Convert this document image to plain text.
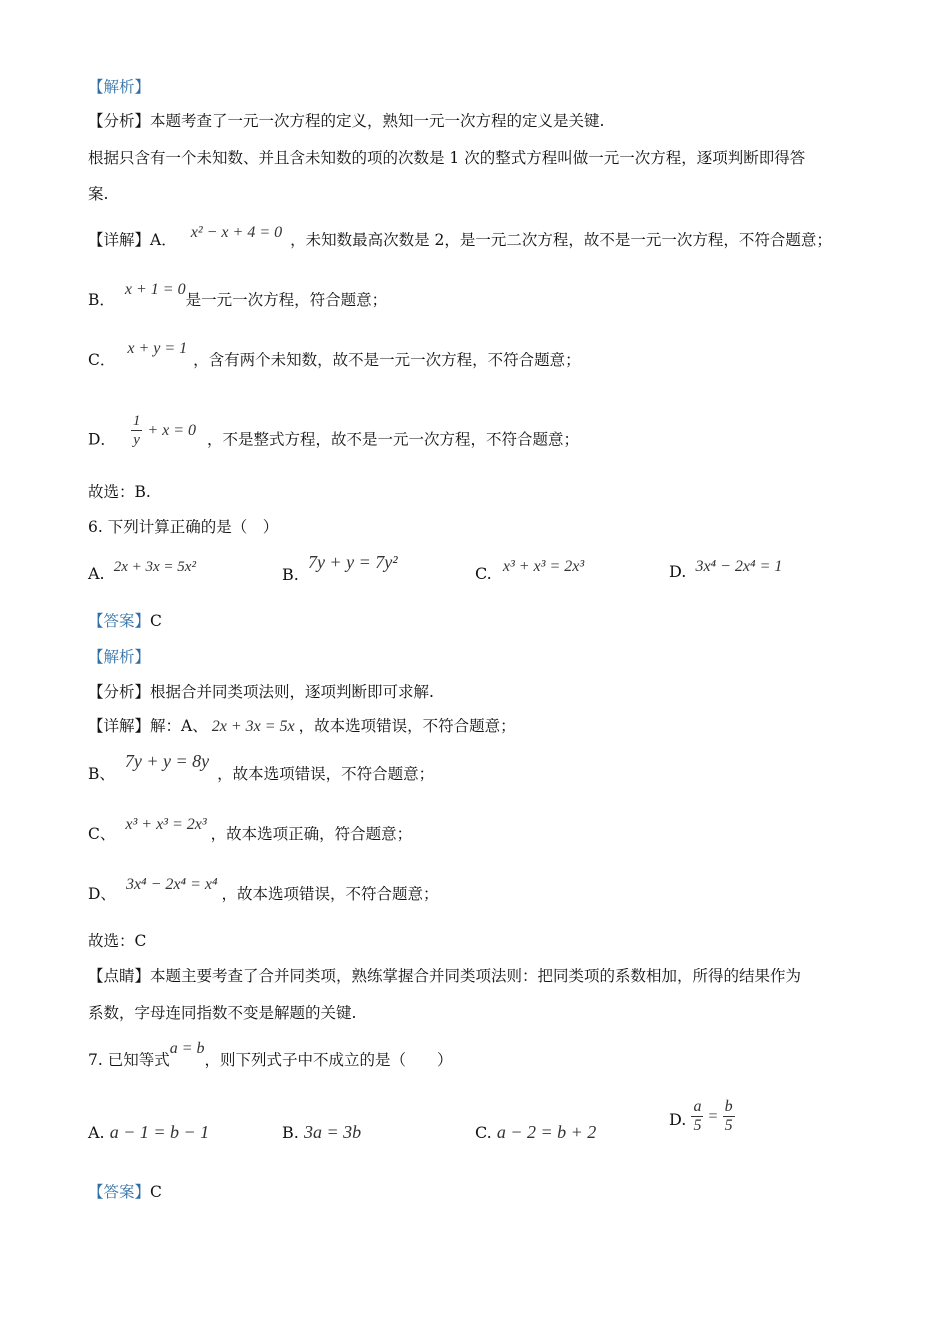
【解析】
【分析】本题考查了一元一次方程的定义，熟知一元一次方程的定义是关键.
根据只含有一个未知数、并且含未知数的项的次数是 1 次的整式方程叫做一元一次方程，逐项判断即得答
案.
【详解】A． x² − x + 4 = 0 ，未知数最高次数是 2，是一元二次方程，故不是一元一次方程，不符合题意；
B．x + 1 = 0是一元一次方程，符合题意；
C．x + y = 1，含有两个未知数，故不是一元一次方程，不符合题意；
D． $\frac{1}{y} + x = 0$ ，不是整式方程，故不是一元一次方程，不符合题意；
故选：B.
6. 下列计算正确的是（　）
A. 2x + 3x = 5x²	B. 7y + y = 7y²
C. x³ + x³ = 2x³	D. 3x⁴ − 2x⁴ = 1
【答案】C
【解析】
【分析】根据合并同类项法则，逐项判断即可求解.
【详解】解：A、 2x + 3x = 5x ，故本选项错误，不符合题意；
B、7y + y = 8y，故本选项错误，不符合题意；
C、x³ + x³ = 2x³，故本选项正确，符合题意；
D、3x⁴ − 2x⁴ = x⁴，故本选项错误，不符合题意；
故选：C
【点睛】本题主要考查了合并同类项，熟练掌握合并同类项法则：把同类项的系数相加，所得的结果作为
系数，字母连同指数不变是解题的关键.
7. 已知等式a = b，则下列式子中不成立的是（　　）
A. a − 1 = b − 1	B. 3a = 3b	C. a − 2 = b + 2
D. $\frac{a}{5} = \frac{b}{5}$
【答案】C
